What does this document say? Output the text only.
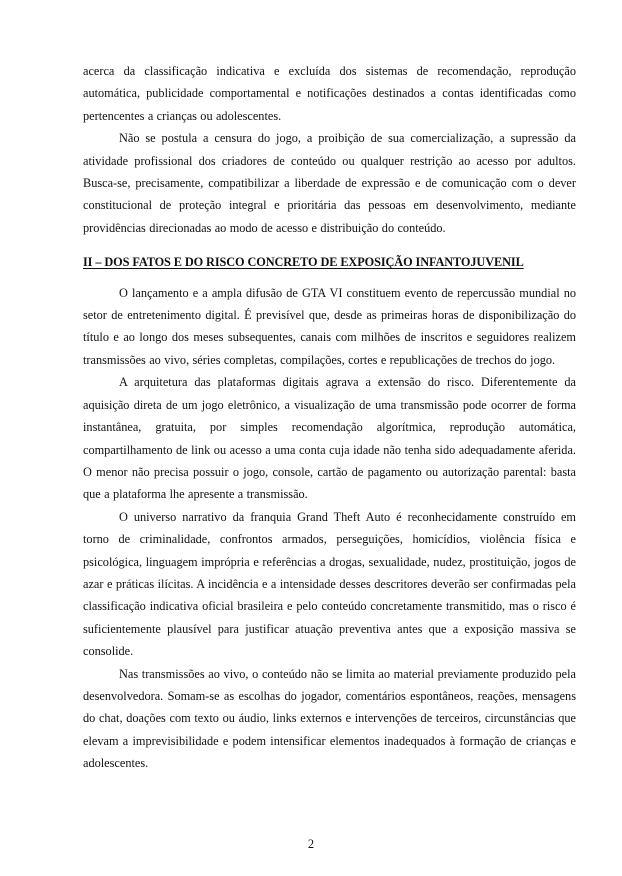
acerca da classificação indicativa e excluída dos sistemas de recomendação, reprodução automática, publicidade comportamental e notificações destinados a contas identificadas como pertencentes a crianças ou adolescentes.

Não se postula a censura do jogo, a proibição de sua comercialização, a supressão da atividade profissional dos criadores de conteúdo ou qualquer restrição ao acesso por adultos. Busca-se, precisamente, compatibilizar a liberdade de expressão e de comunicação com o dever constitucional de proteção integral e prioritária das pessoas em desenvolvimento, mediante providências direcionadas ao modo de acesso e distribuição do conteúdo.

II – DOS FATOS E DO RISCO CONCRETO DE EXPOSIÇÃO INFANTOJUVENIL

O lançamento e a ampla difusão de GTA VI constituem evento de repercussão mundial no setor de entretenimento digital. É previsível que, desde as primeiras horas de disponibilização do título e ao longo dos meses subsequentes, canais com milhões de inscritos e seguidores realizem transmissões ao vivo, séries completas, compilações, cortes e republicações de trechos do jogo.

A arquitetura das plataformas digitais agrava a extensão do risco. Diferentemente da aquisição direta de um jogo eletrônico, a visualização de uma transmissão pode ocorrer de forma instantânea, gratuita, por simples recomendação algorítmica, reprodução automática, compartilhamento de link ou acesso a uma conta cuja idade não tenha sido adequadamente aferida. O menor não precisa possuir o jogo, console, cartão de pagamento ou autorização parental: basta que a plataforma lhe apresente a transmissão.

O universo narrativo da franquia Grand Theft Auto é reconhecidamente construído em torno de criminalidade, confrontos armados, perseguições, homicídios, violência física e psicológica, linguagem imprópria e referências a drogas, sexualidade, nudez, prostituição, jogos de azar e práticas ilícitas. A incidência e a intensidade desses descritores deverão ser confirmadas pela classificação indicativa oficial brasileira e pelo conteúdo concretamente transmitido, mas o risco é suficientemente plausível para justificar atuação preventiva antes que a exposição massiva se consolide.

Nas transmissões ao vivo, o conteúdo não se limita ao material previamente produzido pela desenvolvedora. Somam-se as escolhas do jogador, comentários espontâneos, reações, mensagens do chat, doações com texto ou áudio, links externos e intervenções de terceiros, circunstâncias que elevam a imprevisibilidade e podem intensificar elementos inadequados à formação de crianças e adolescentes.

2
